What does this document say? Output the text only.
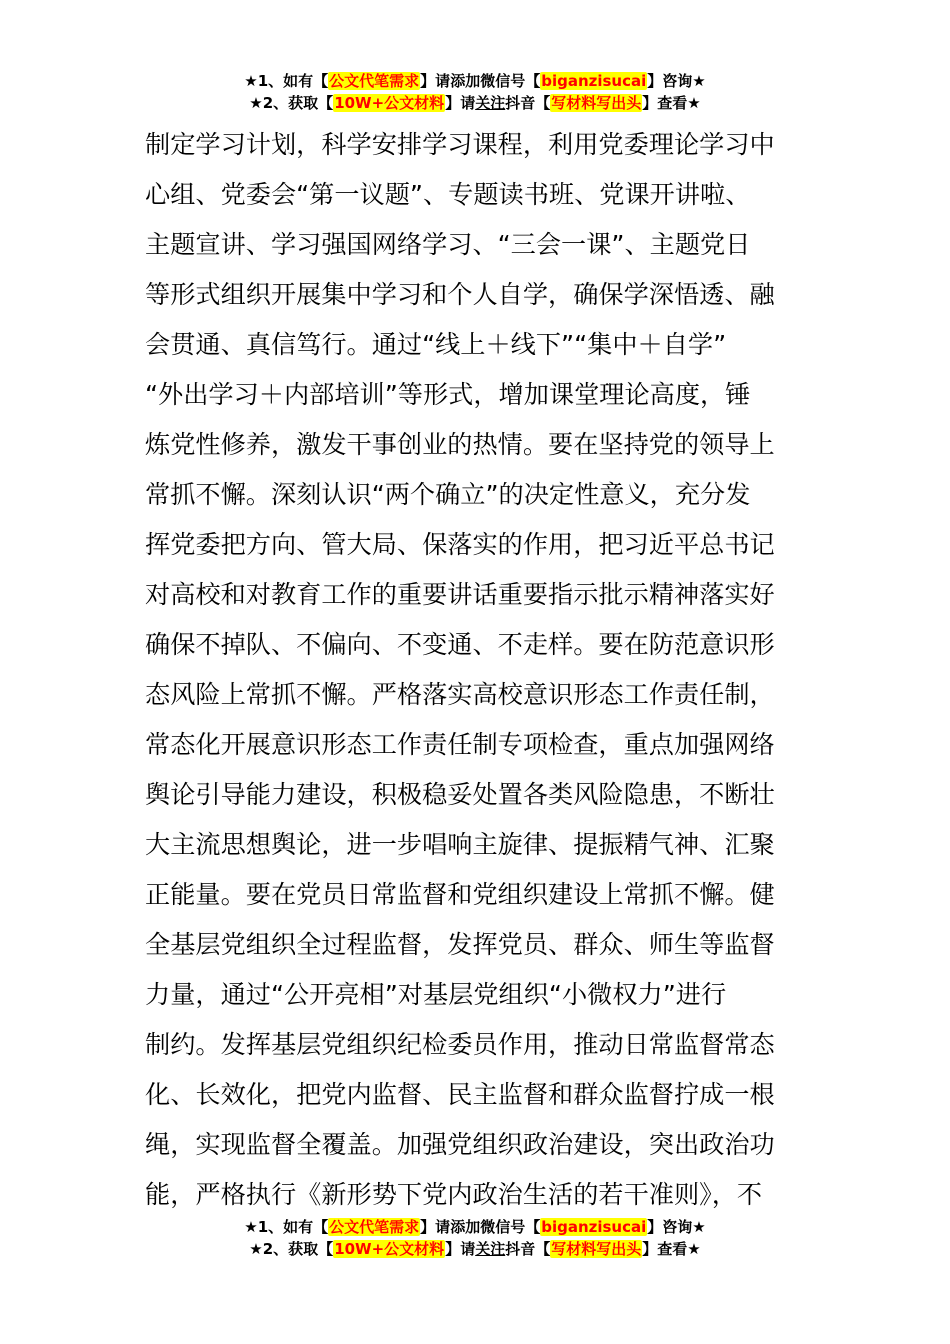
★1、如有【公文代笔需求】请添加微信号【biganzisucai】咨询★
★2、获取【10W+公文材料】请关注抖音【写材料写出头】查看★
制定学习计划，科学安排学习课程，利用党委理论学习中
心组、党委会“第一议题”、专题读书班、党课开讲啦、
主题宣讲、学习强国网络学习、“三会一课”、主题党日
等形式组织开展集中学习和个人自学，确保学深悟透、融
会贯通、真信笃行。通过“线上＋线下”“集中＋自学”
“外出学习＋内部培训”等形式，增加课堂理论高度，锤
炼党性修养，激发干事创业的热情。要在坚持党的领导上
常抓不懈。深刻认识“两个确立”的决定性意义，充分发
挥党委把方向、管大局、保落实的作用，把习近平总书记
对高校和对教育工作的重要讲话重要指示批示精神落实好
确保不掉队、不偏向、不变通、不走样。要在防范意识形
态风险上常抓不懈。严格落实高校意识形态工作责任制，
常态化开展意识形态工作责任制专项检查，重点加强网络
舆论引导能力建设，积极稳妥处置各类风险隐患，不断壮
大主流思想舆论，进一步唱响主旋律、提振精气神、汇聚
正能量。要在党员日常监督和党组织建设上常抓不懈。健
全基层党组织全过程监督，发挥党员、群众、师生等监督
力量，通过“公开亮相”对基层党组织“小微权力”进行
制约。发挥基层党组织纪检委员作用，推动日常监督常态
化、长效化，把党内监督、民主监督和群众监督拧成一根
绳，实现监督全覆盖。加强党组织政治建设，突出政治功
能，严格执行《新形势下党内政治生活的若干准则》，不
★1、如有【公文代笔需求】请添加微信号【biganzisucai】咨询★
★2、获取【10W+公文材料】请关注抖音【写材料写出头】查看★
